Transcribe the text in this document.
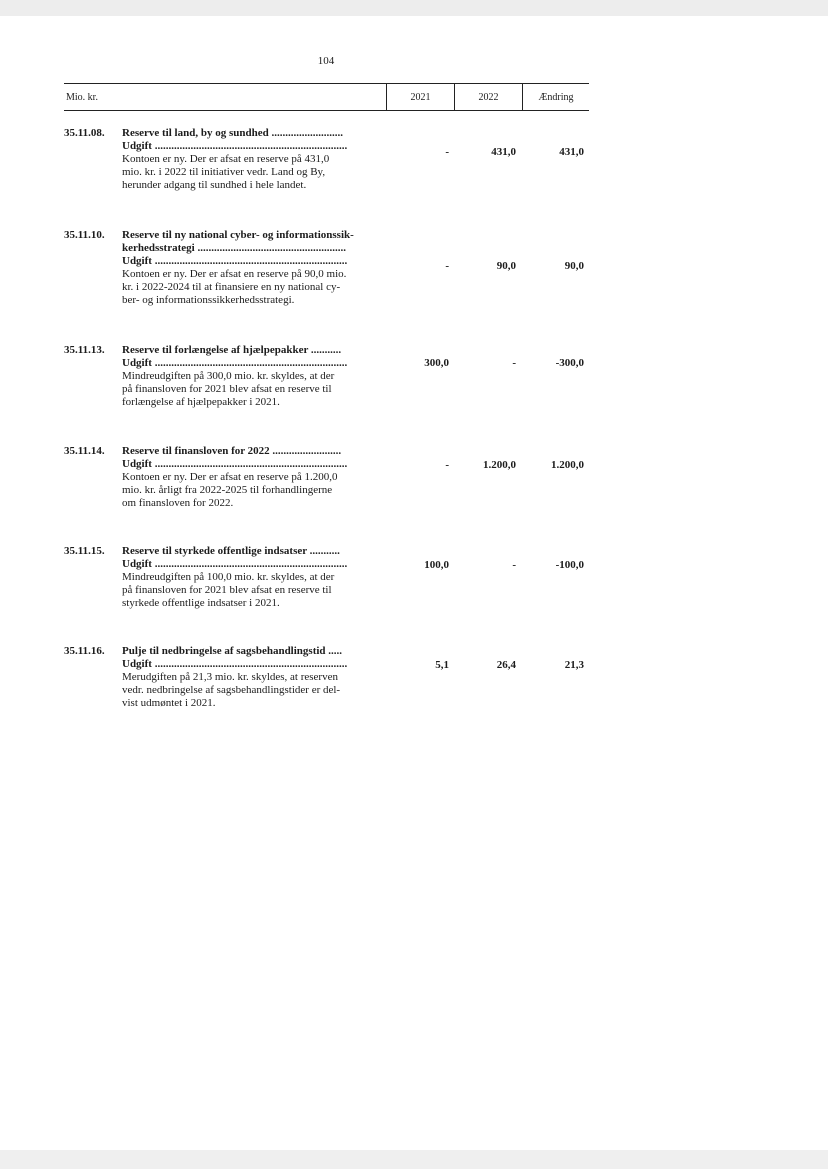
104
Mio. kr.	2021	2022	Ændring
35.11.08. Reserve til land, by og sundhed ..........................
Udgift ......................................................................
Kontoen er ny. Der er afsat en reserve på 431,0
mio. kr. i 2022 til initiativer vedr. Land og By,
herunder adgang til sundhed i hele landet.
-	431,0	431,0
35.11.10. Reserve til ny national cyber- og informationssik-
kerhedsstrategi ......................................................
Udgift ......................................................................
Kontoen er ny. Der er afsat en reserve på 90,0 mio.
kr. i 2022-2024 til at finansiere en ny national cy-
ber- og informationssikkerhedsstrategi.
-	90,0	90,0
35.11.13. Reserve til forlængelse af hjælpepakker ...........
Udgift ......................................................................
Mindreudgiften på 300,0 mio. kr. skyldes, at der
på finansloven for 2021 blev afsat en reserve til
forlængelse af hjælpepakker i 2021.
300,0	-	-300,0
35.11.14. Reserve til finansloven for 2022 .........................
Udgift ......................................................................
Kontoen er ny. Der er afsat en reserve på 1.200,0
mio. kr. årligt fra 2022-2025 til forhandlingerne
om finansloven for 2022.
-	1.200,0	1.200,0
35.11.15. Reserve til styrkede offentlige indsatser ...........
Udgift ......................................................................
Mindreudgiften på 100,0 mio. kr. skyldes, at der
på finansloven for 2021 blev afsat en reserve til
styrkede offentlige indsatser i 2021.
100,0	-	-100,0
35.11.16. Pulje til nedbringelse af sagsbehandlingstid .....
Udgift ......................................................................
Merudgiften på 21,3 mio. kr. skyldes, at reserven
vedr. nedbringelse af sagsbehandlingstider er del-
vist udmøntet i 2021.
5,1	26,4	21,3
